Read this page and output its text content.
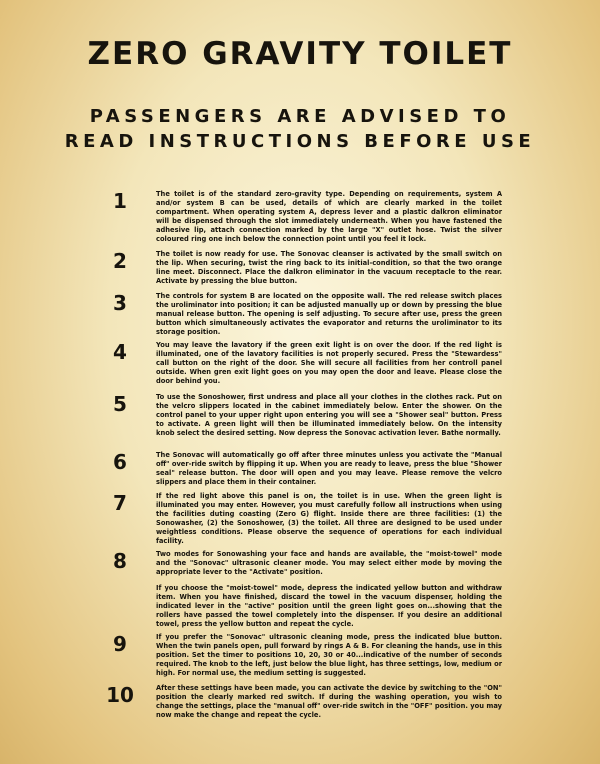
ZERO GRAVITY TOILET
PASSENGERS ARE ADVISED TO
READ INSTRUCTIONS BEFORE USE
1	The toilet is of the standard zero-gravity type. Depending on requirements, system A and/or system B can be used, details of which are clearly marked in the toilet compartment. When operating system A, depress lever and a plastic dalkron eliminator will be dispensed through the slot immediately underneath. When you have fastened the adhesive lip, attach connection marked by the large "X" outlet hose. Twist the silver coloured ring one inch below the connection point until you feel it lock.
2	The toilet is now ready for use. The Sonovac cleanser is activated by the small switch on the lip. When securing, twist the ring back to its initial-condition, so that the two orange line meet. Disconnect. Place the dalkron eliminator in the vacuum receptacle to the rear. Activate by pressing the blue button.
3	The controls for system B are located on the opposite wall. The red release switch places the uroliminator into position; it can be adjusted manually up or down by pressing the blue manual release button. The opening is self adjusting. To secure after use, press the green button which simultaneously activates the evaporator and returns the uroliminator to its storage position.
4	You may leave the lavatory if the green exit light is on over the door. If the red light is illuminated, one of the lavatory facilities is not properly secured. Press the "Stewardess" call button on the right of the door. She will secure all facilities from her controll panel outside. When gren exit light goes on you may open the door and leave. Please close the door behind you.
5	To use the Sonoshower, first undress and place all your clothes in the clothes rack. Put on the velcro slippers located in the cabinet immediately below. Enter the shower. On the control panel to your upper right upon entering you will see a "Shower seal" button. Press to activate. A green light will then be illuminated immediately below. On the intensity knob select the desired setting. Now depress the Sonovac activation lever. Bathe normally.
6	The Sonovac will automatically go off after three minutes unless you activate the "Manual off" over-ride switch by flipping it up. When you are ready to leave, press the blue "Shower seal" release button. The door will open and you may leave. Please remove the velcro slippers and place them in their container.
7	If the red light above this panel is on, the toilet is in use. When the green light is illuminated you may enter. However, you must carefully follow all instructions when using the facilities duting coasting (Zero G) flight. Inside there are three facilities: (1) the Sonowasher, (2) the Sonoshower, (3) the toilet. All three are designed to be used under weightless conditions. Please observe the sequence of operations for each individual facility.
8	Two modes for Sonowashing your face and hands are available, the "moist-towel" mode and the "Sonovac" ultrasonic cleaner mode. You may select either mode by moving the appropriate lever to the "Activate" position.
If you choose the "moist-towel" mode, depress the indicated yellow button and withdraw item. When you have finished, discard the towel in the vacuum dispenser, holding the indicated lever in the "active" position until the green light goes on...showing that the rollers have passed the towel completely into the dispenser. If you desire an additional towel, press the yellow button and repeat the cycle.
9	If you prefer the "Sonovac" ultrasonic cleaning mode, press the indicated blue button. When the twin panels open, pull forward by rings A & B. For cleaning the hands, use in this position. Set the timer to positions 10, 20, 30 or 40...indicative of the number of seconds required. The knob to the left, just below the blue light, has three settings, low, medium or high. For normal use, the medium setting is suggested.
10	After these settings have been made, you can activate the device by switching to the "ON" position the clearly marked red switch. If during the washing operation, you wish to change the settings, place the "manual off" over-ride switch in the "OFF" position. you may now make the change and repeat the cycle.
